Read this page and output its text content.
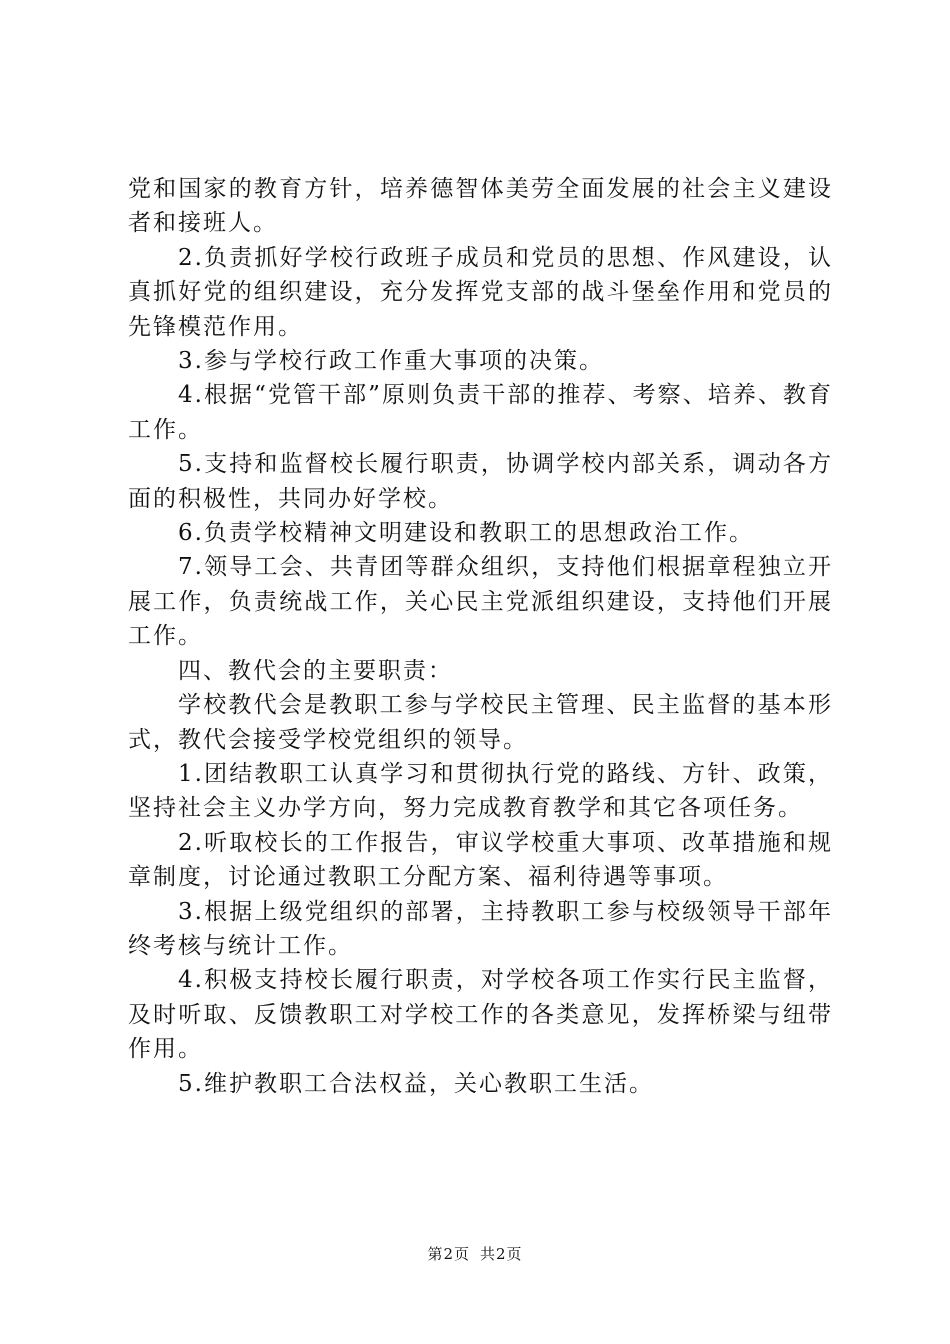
党和国家的教育方针，培养德智体美劳全面发展的社会主义建设者和接班人。

2.负责抓好学校行政班子成员和党员的思想、作风建设，认真抓好党的组织建设，充分发挥党支部的战斗堡垒作用和党员的先锋模范作用。

3.参与学校行政工作重大事项的决策。

4.根据“党管干部”原则负责干部的推荐、考察、培养、教育工作。

5.支持和监督校长履行职责，协调学校内部关系，调动各方面的积极性，共同办好学校。

6.负责学校精神文明建设和教职工的思想政治工作。

7.领导工会、共青团等群众组织，支持他们根据章程独立开展工作，负责统战工作，关心民主党派组织建设，支持他们开展工作。

四、教代会的主要职责：

学校教代会是教职工参与学校民主管理、民主监督的基本形式，教代会接受学校党组织的领导。

1.团结教职工认真学习和贯彻执行党的路线、方针、政策，坚持社会主义办学方向，努力完成教育教学和其它各项任务。

2.听取校长的工作报告，审议学校重大事项、改革措施和规章制度，讨论通过教职工分配方案、福利待遇等事项。

3.根据上级党组织的部署，主持教职工参与校级领导干部年终考核与统计工作。

4.积极支持校长履行职责，对学校各项工作实行民主监督，及时听取、反馈教职工对学校工作的各类意见，发挥桥梁与纽带作用。

5.维护教职工合法权益，关心教职工生活。

第2页 共2页
